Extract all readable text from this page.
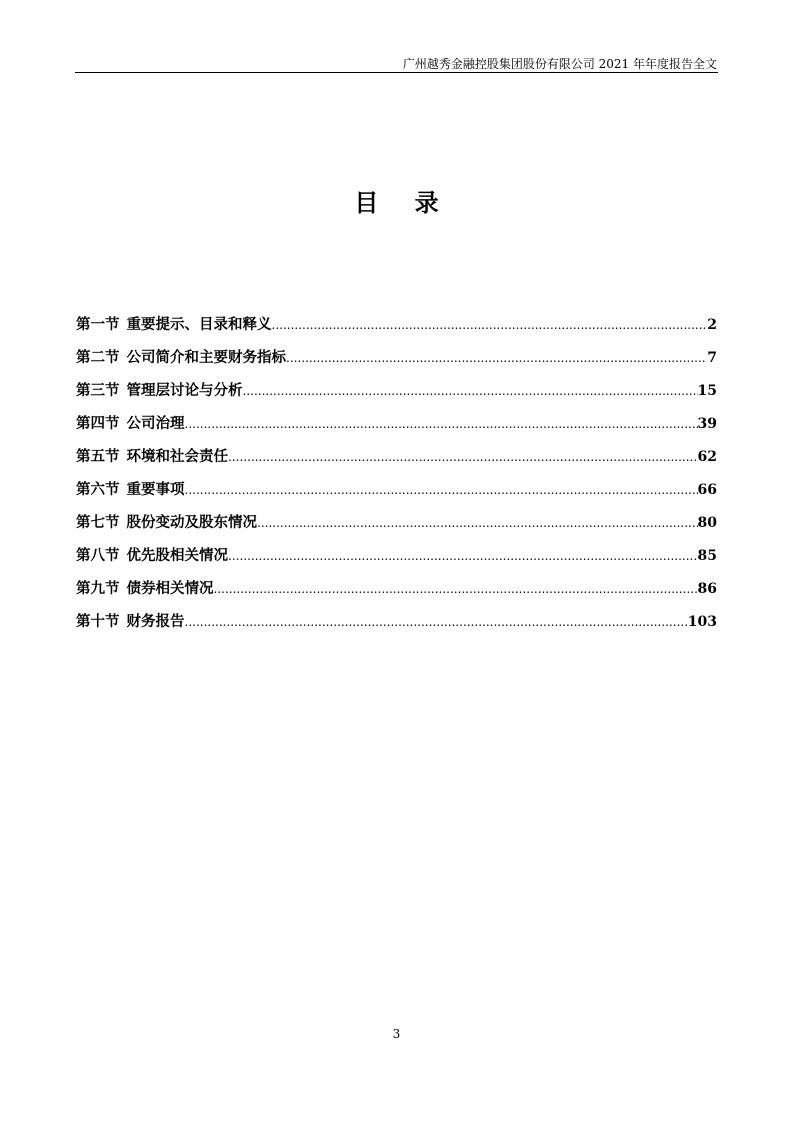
广州越秀金融控股集团股份有限公司 2021 年年度报告全文
目 录
第一节 重要提示、目录和释义 .....	2
第二节 公司简介和主要财务指标 .....	7
第三节 管理层讨论与分析 .....	15
第四节 公司治理 .....	39
第五节 环境和社会责任 .....	62
第六节 重要事项 .....	66
第七节 股份变动及股东情况 .....	80
第八节 优先股相关情况 .....	85
第九节 债券相关情况 .....	86
第十节 财务报告 .....	103
3
